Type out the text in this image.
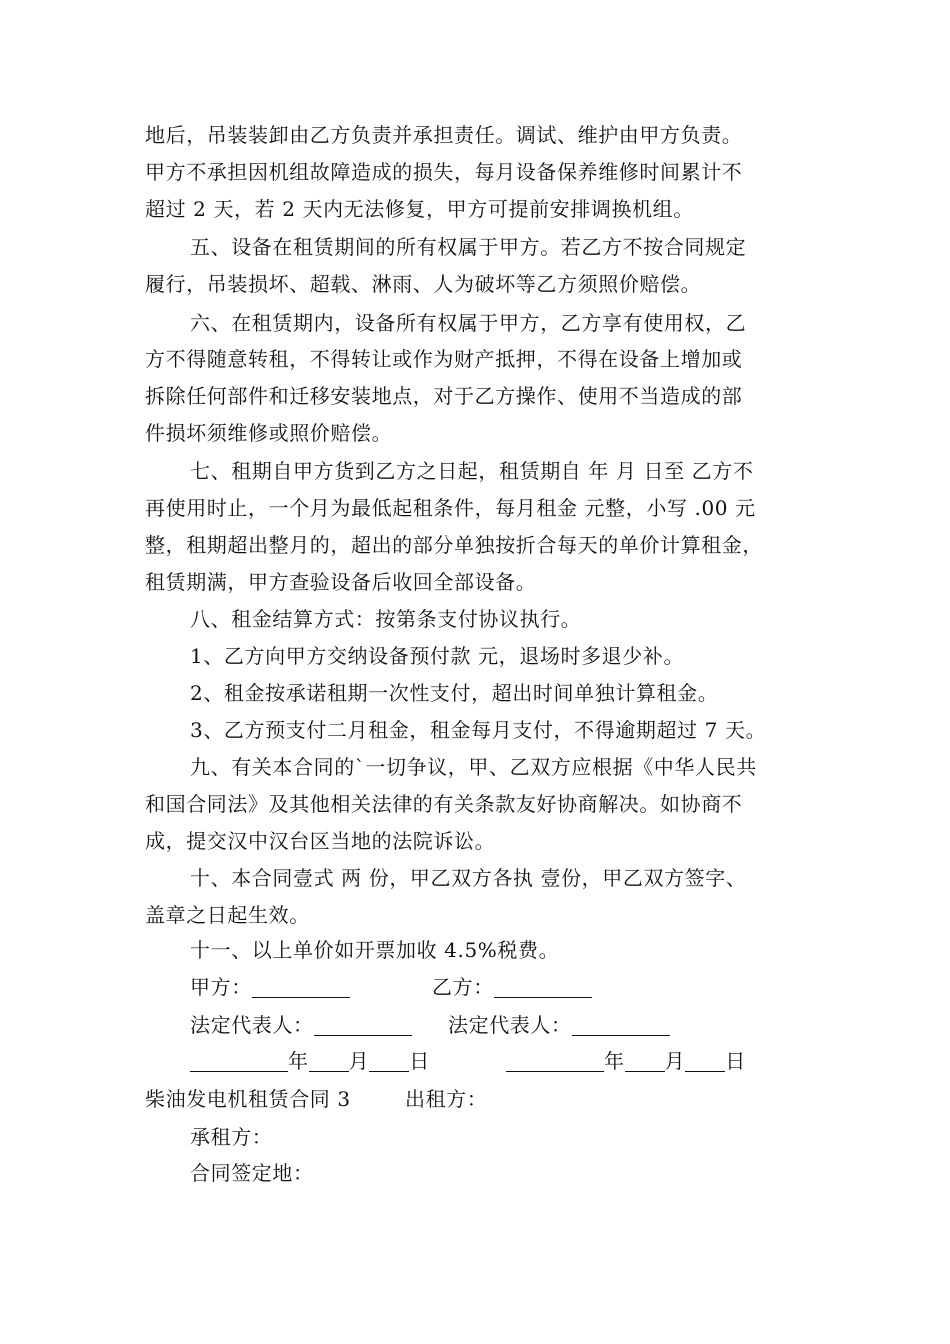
地后，吊装装卸由乙方负责并承担责任。调试、维护由甲方负责。
甲方不承担因机组故障造成的损失，每月设备保养维修时间累计不
超过 2 天，若 2 天内无法修复，甲方可提前安排调换机组。
五、设备在租赁期间的所有权属于甲方。若乙方不按合同规定
履行，吊装损坏、超载、淋雨、人为破坏等乙方须照价赔偿。
六、在租赁期内，设备所有权属于甲方，乙方享有使用权，乙
方不得随意转租，不得转让或作为财产抵押，不得在设备上增加或
拆除任何部件和迁移安装地点，对于乙方操作、使用不当造成的部
件损坏须维修或照价赔偿。
七、租期自甲方货到乙方之日起，租赁期自 年 月 日至 乙方不
再使用时止，一个月为最低起租条件，每月租金 元整，小写 .00 元
整，租期超出整月的，超出的部分单独按折合每天的单价计算租金，
租赁期满，甲方查验设备后收回全部设备。
八、租金结算方式：按第条支付协议执行。
1、乙方向甲方交纳设备预付款 元，退场时多退少补。
2、租金按承诺租期一次性支付，超出时间单独计算租金。
3、乙方预支付二月租金，租金每月支付，不得逾期超过 7 天。
九、有关本合同的`一切争议，甲、乙双方应根据《中华人民共
和国合同法》及其他相关法律的有关条款友好协商解决。如协商不
成，提交汉中汉台区当地的法院诉讼。
十、本合同壹式 两 份，甲乙双方各执 壹份，甲乙双方签字、
盖章之日起生效。
十一、以上单价如开票加收 4.5%税费。
甲方：	乙方：
法定代表人：	法定代表人：
年 月 日	年 月 日
柴油发电机租赁合同 3	出租方：
承租方：
合同签定地：
